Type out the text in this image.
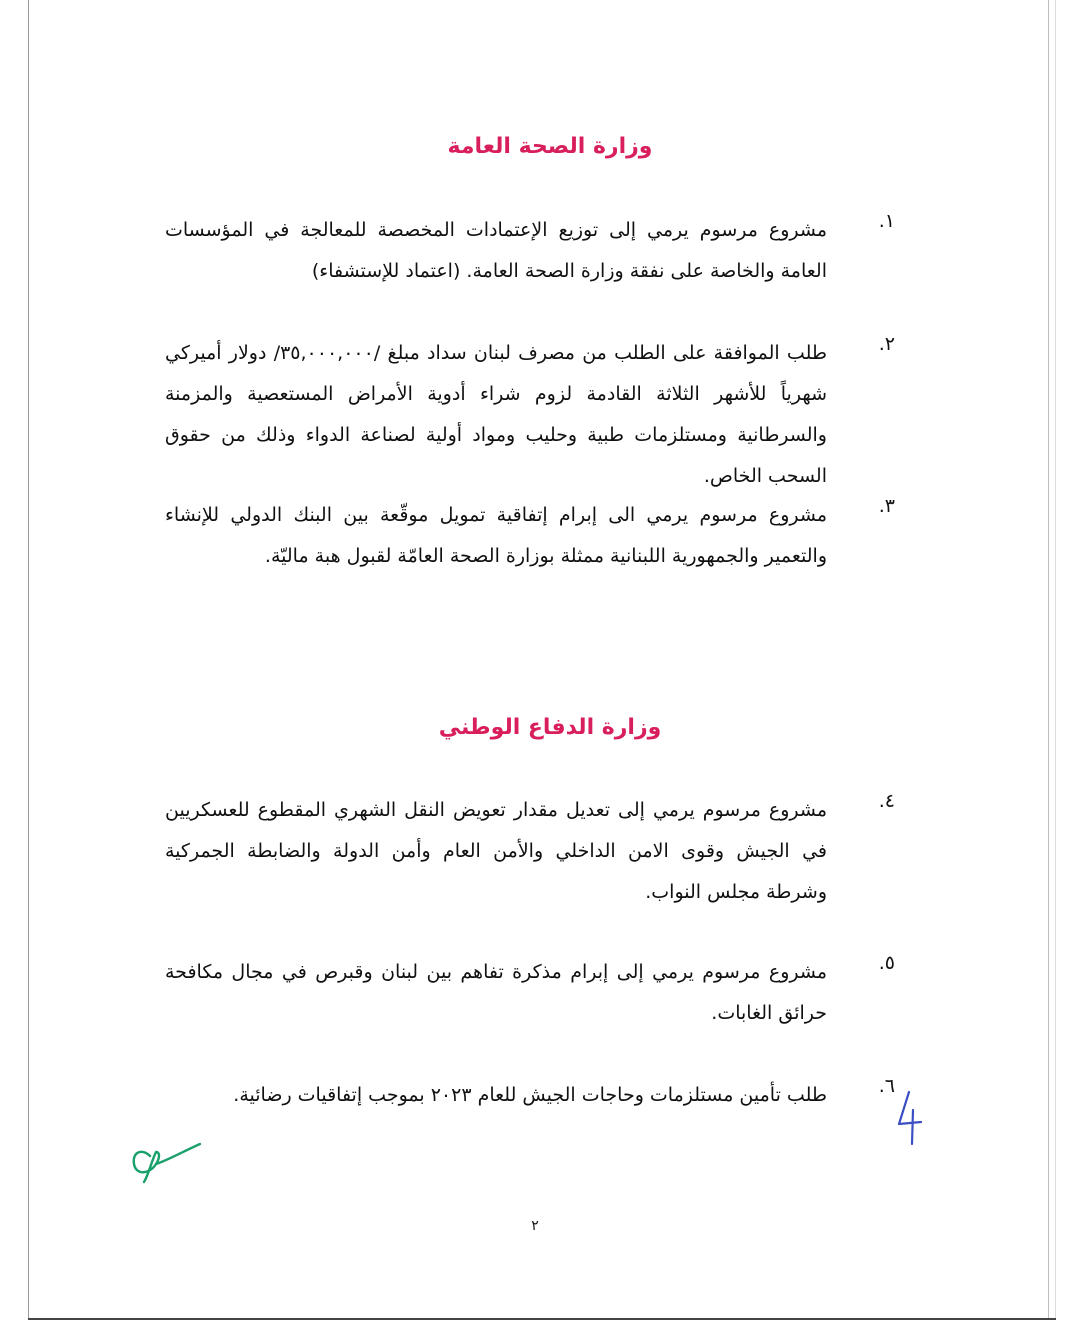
وزارة الصحة العامة
١.
مشروع مرسوم يرمي إلى توزيع الإعتمادات المخصصة للمعالجة في المؤسسات العامة والخاصة على نفقة وزارة الصحة العامة. (اعتماد للإستشفاء)
٢.
طلب الموافقة على الطلب من مصرف لبنان سداد مبلغ /٣٥,٠٠٠,٠٠٠/ دولار أميركي شهرياً للأشهر الثلاثة القادمة لزوم شراء أدوية الأمراض المستعصية والمزمنة والسرطانية ومستلزمات طبية وحليب ومواد أولية لصناعة الدواء وذلك من حقوق السحب الخاص.
٣.
مشروع مرسوم يرمي الى إبرام إتفاقية تمويل موقّعة بين البنك الدولي للإنشاء والتعمير والجمهورية اللبنانية ممثلة بوزارة الصحة العامّة لقبول هبة ماليّة.
وزارة الدفاع الوطني
٤.
مشروع مرسوم يرمي إلى تعديل مقدار تعويض النقل الشهري المقطوع للعسكريين في الجيش وقوى الامن الداخلي والأمن العام وأمن الدولة والضابطة الجمركية وشرطة مجلس النواب.
٥.
مشروع مرسوم يرمي إلى إبرام مذكرة تفاهم بين لبنان وقبرص في مجال مكافحة حرائق الغابات.
٦.
طلب تأمين مستلزمات وحاجات الجيش للعام ٢٠٢٣ بموجب إتفاقيات رضائية.
٢
